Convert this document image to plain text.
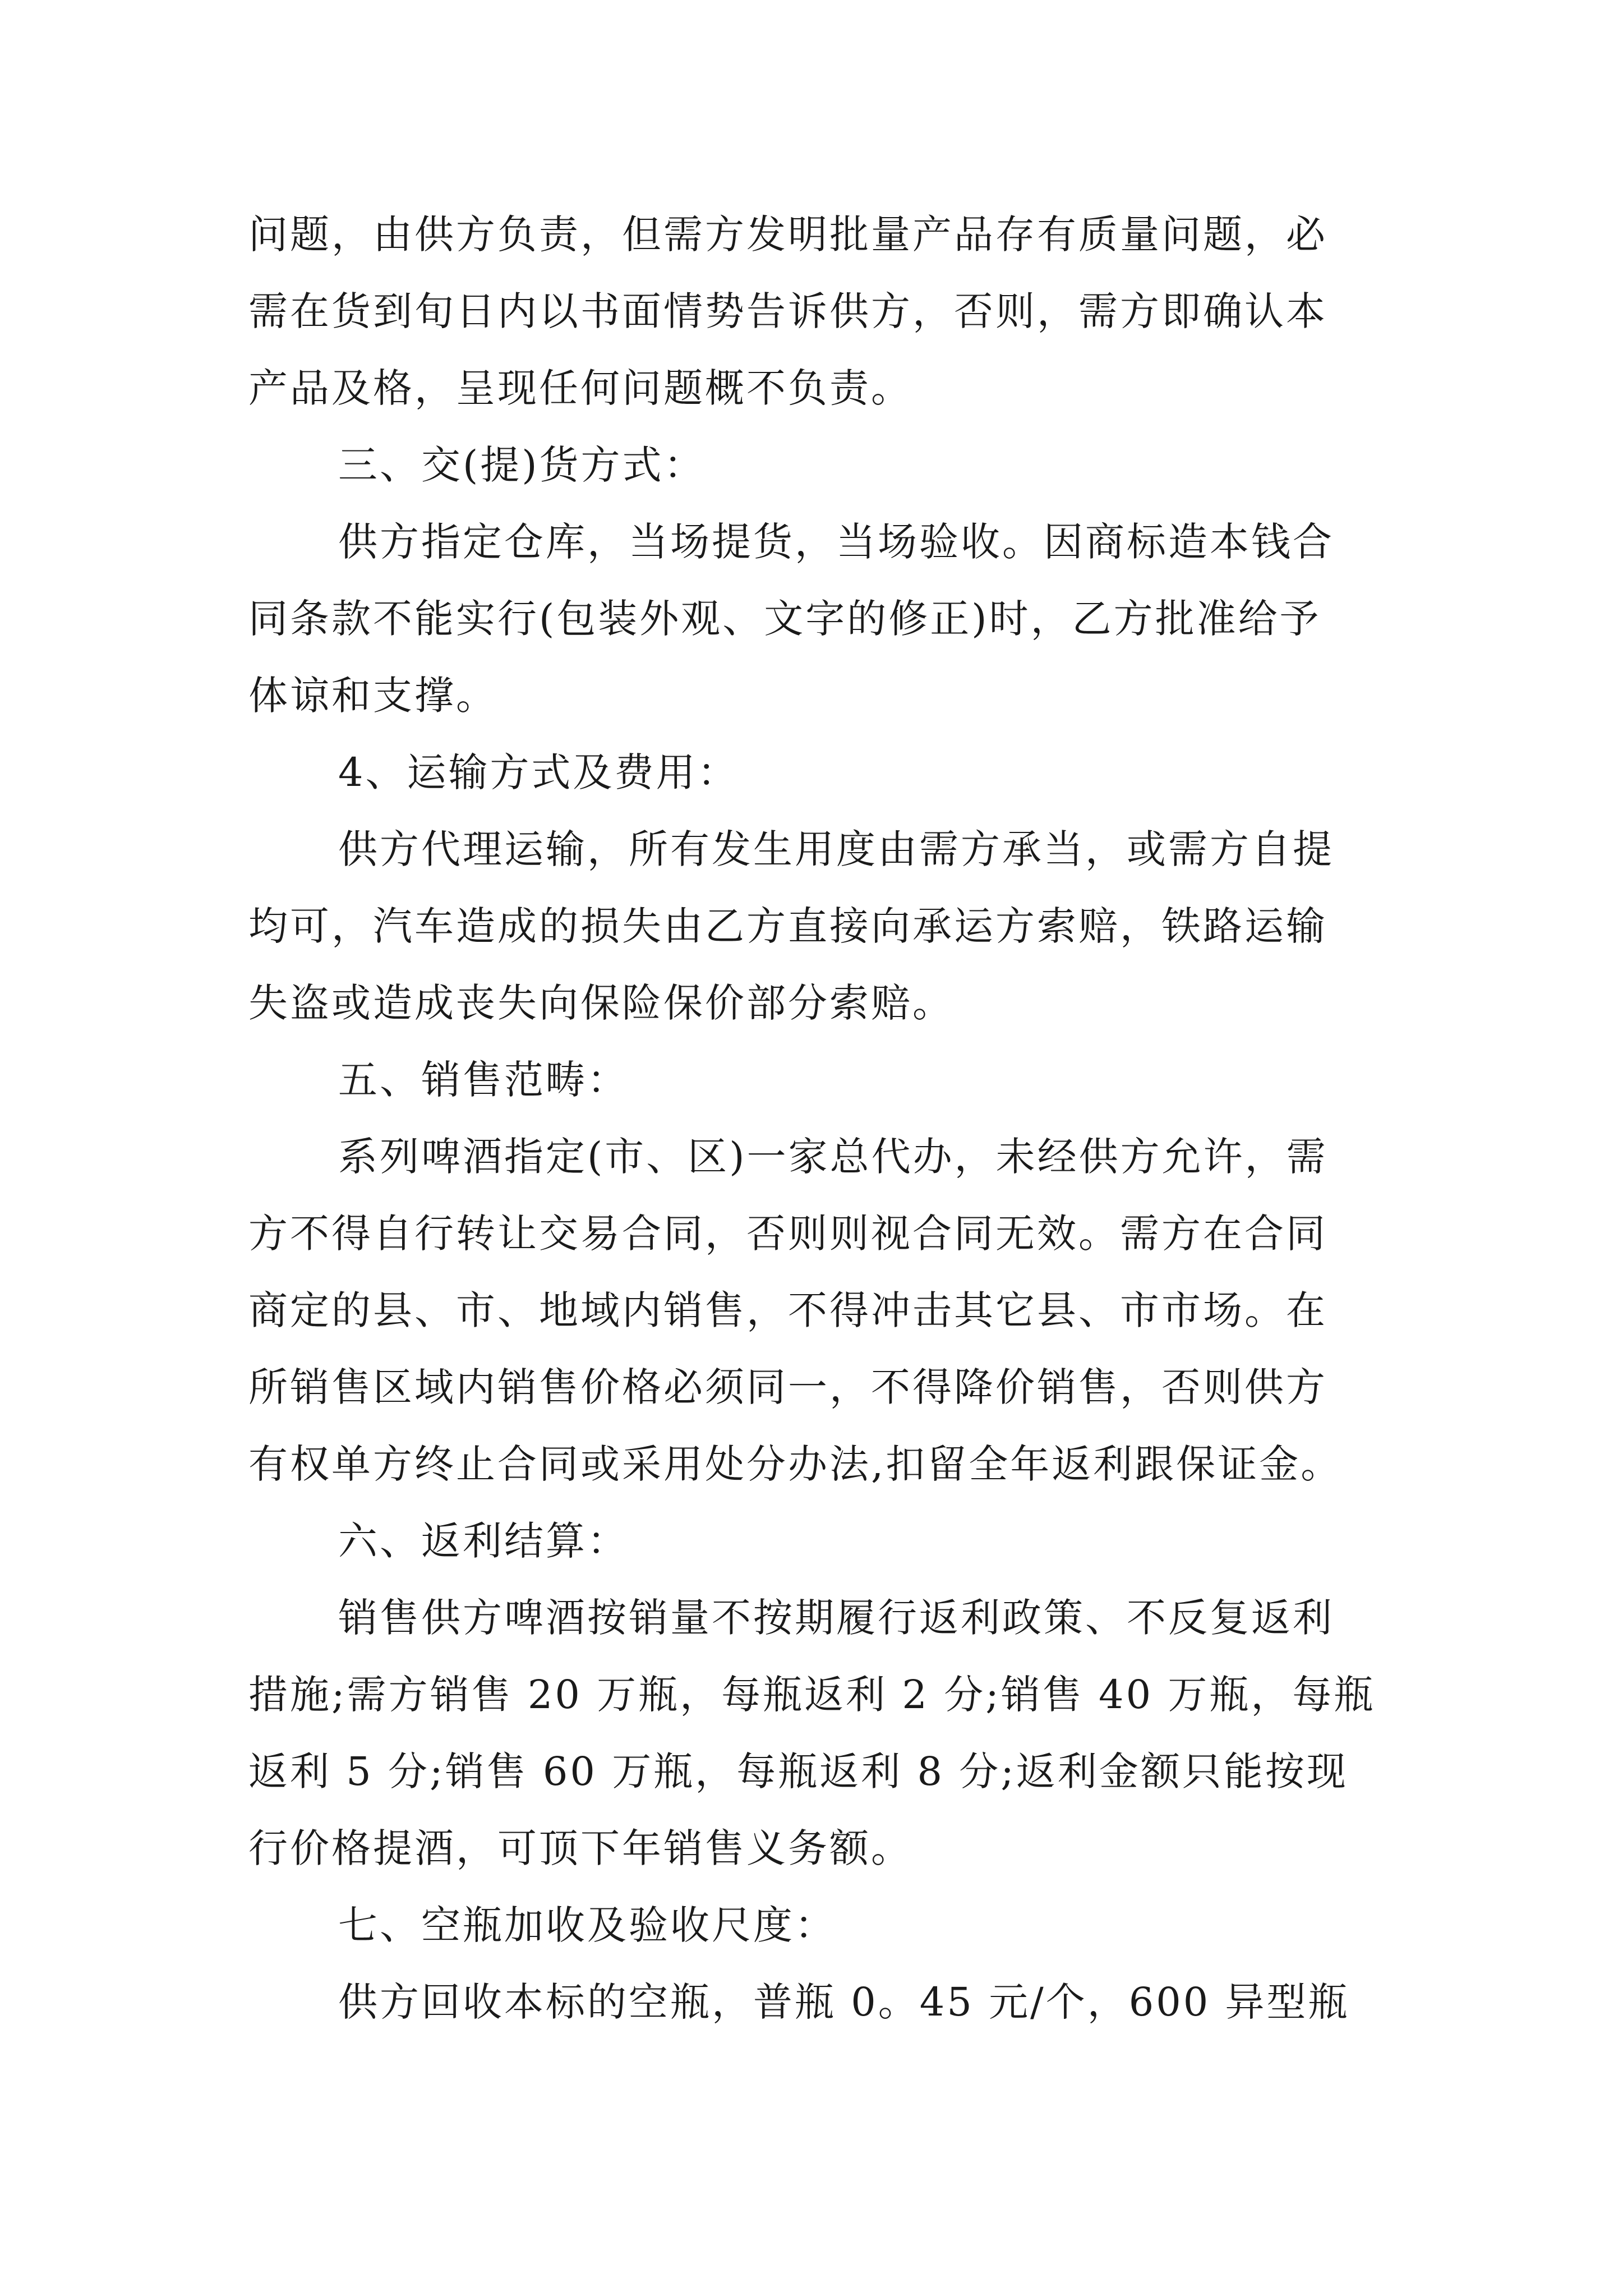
问题，由供方负责，但需方发明批量产品存有质量问题，必
需在货到旬日内以书面情势告诉供方，否则，需方即确认本
产品及格，呈现任何问题概不负责。
三、交(提)货方式：
供方指定仓库，当场提货，当场验收。因商标造本钱合
同条款不能实行(包装外观、文字的修正)时，乙方批准给予
体谅和支撑。
4、运输方式及费用：
供方代理运输，所有发生用度由需方承当，或需方自提
均可，汽车造成的损失由乙方直接向承运方索赔，铁路运输
失盗或造成丧失向保险保价部分索赔。
五、销售范畴：
系列啤酒指定(市、区)一家总代办，未经供方允许，需
方不得自行转让交易合同，否则则视合同无效。需方在合同
商定的县、市、地域内销售，不得冲击其它县、市市场。在
所销售区域内销售价格必须同一，不得降价销售，否则供方
有权单方终止合同或采用处分办法,扣留全年返利跟保证金。
六、返利结算：
销售供方啤酒按销量不按期履行返利政策、不反复返利
措施;需方销售 20 万瓶，每瓶返利 2 分;销售 40 万瓶，每瓶
返利 5 分;销售 60 万瓶，每瓶返利 8 分;返利金额只能按现
行价格提酒，可顶下年销售义务额。
七、空瓶加收及验收尺度：
供方回收本标的空瓶，普瓶 0。45 元/个，600 异型瓶
